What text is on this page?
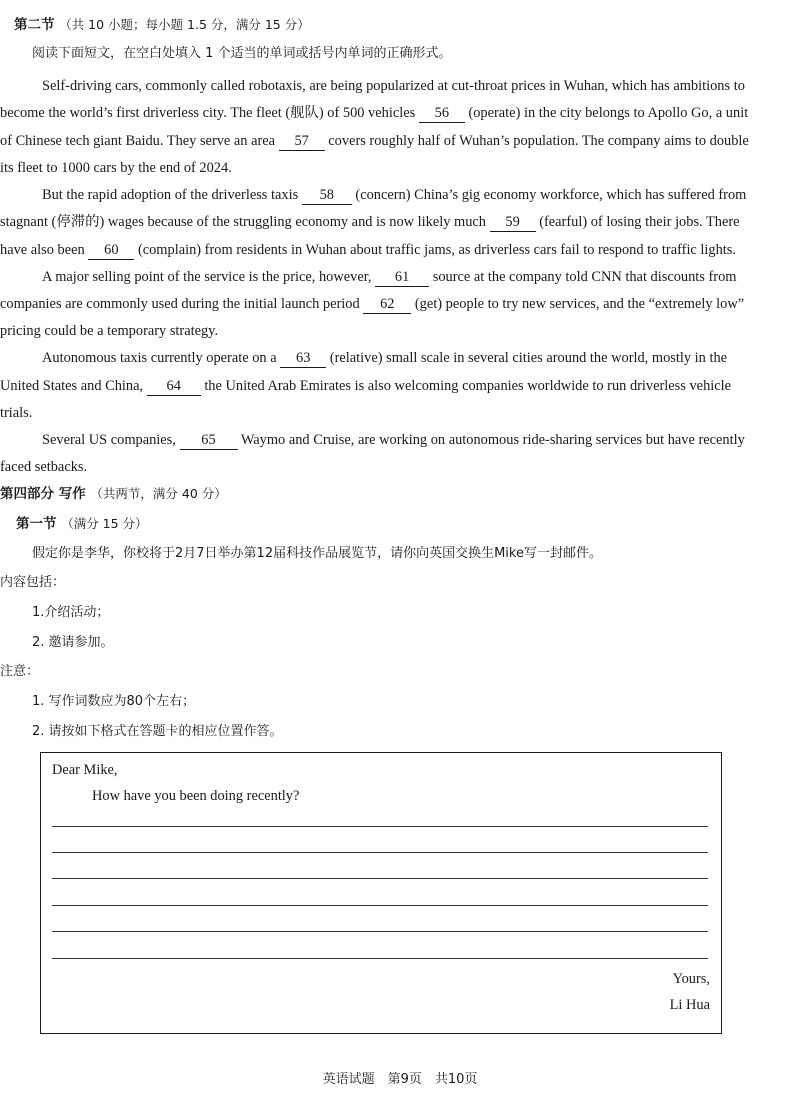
第二节 （共 10 小题；每小题 1.5 分，满分 15 分）
阅读下面短文，在空白处填入 1 个适当的单词或括号内单词的正确形式。
Self-driving cars, commonly called robotaxis, are being popularized at cut-throat prices in Wuhan, which has ambitions to
become the world’s first driverless city. The fleet (舰队) of 500 vehicles 56 (operate) in the city belongs to Apollo Go, a unit
of Chinese tech giant Baidu. They serve an area 57 covers roughly half of Wuhan’s population. The company aims to double
its fleet to 1000 cars by the end of 2024.
But the rapid adoption of the driverless taxis 58 (concern) China’s gig economy workforce, which has suffered from
stagnant (停滞的) wages because of the struggling economy and is now likely much 59 (fearful) of losing their jobs. There
have also been 60 (complain) from residents in Wuhan about traffic jams, as driverless cars fail to respond to traffic lights.
A major selling point of the service is the price, however, 61 source at the company told CNN that discounts from
companies are commonly used during the initial launch period 62 (get) people to try new services, and the “extremely low”
pricing could be a temporary strategy.
Autonomous taxis currently operate on a 63 (relative) small scale in several cities around the world, mostly in the
United States and China, 64 the United Arab Emirates is also welcoming companies worldwide to run driverless vehicle
trials.
Several US companies, 65 Waymo and Cruise, are working on autonomous ride-sharing services but have recently
faced setbacks.
第四部分 写作 （共两节，满分 40 分）
第一节 （满分 15 分）
假定你是李华，你校将于2月7日举办第12届科技作品展览节，请你向英国交换生Mike写一封邮件。
内容包括：
1.介绍活动；
2. 邀请参加。
注意：
1. 写作词数应为80个左右；
2. 请按如下格式在答题卡的相应位置作答。
Dear Mike,
How have you been doing recently?
Yours,
Li Hua
英语试题　第9页　共10页
